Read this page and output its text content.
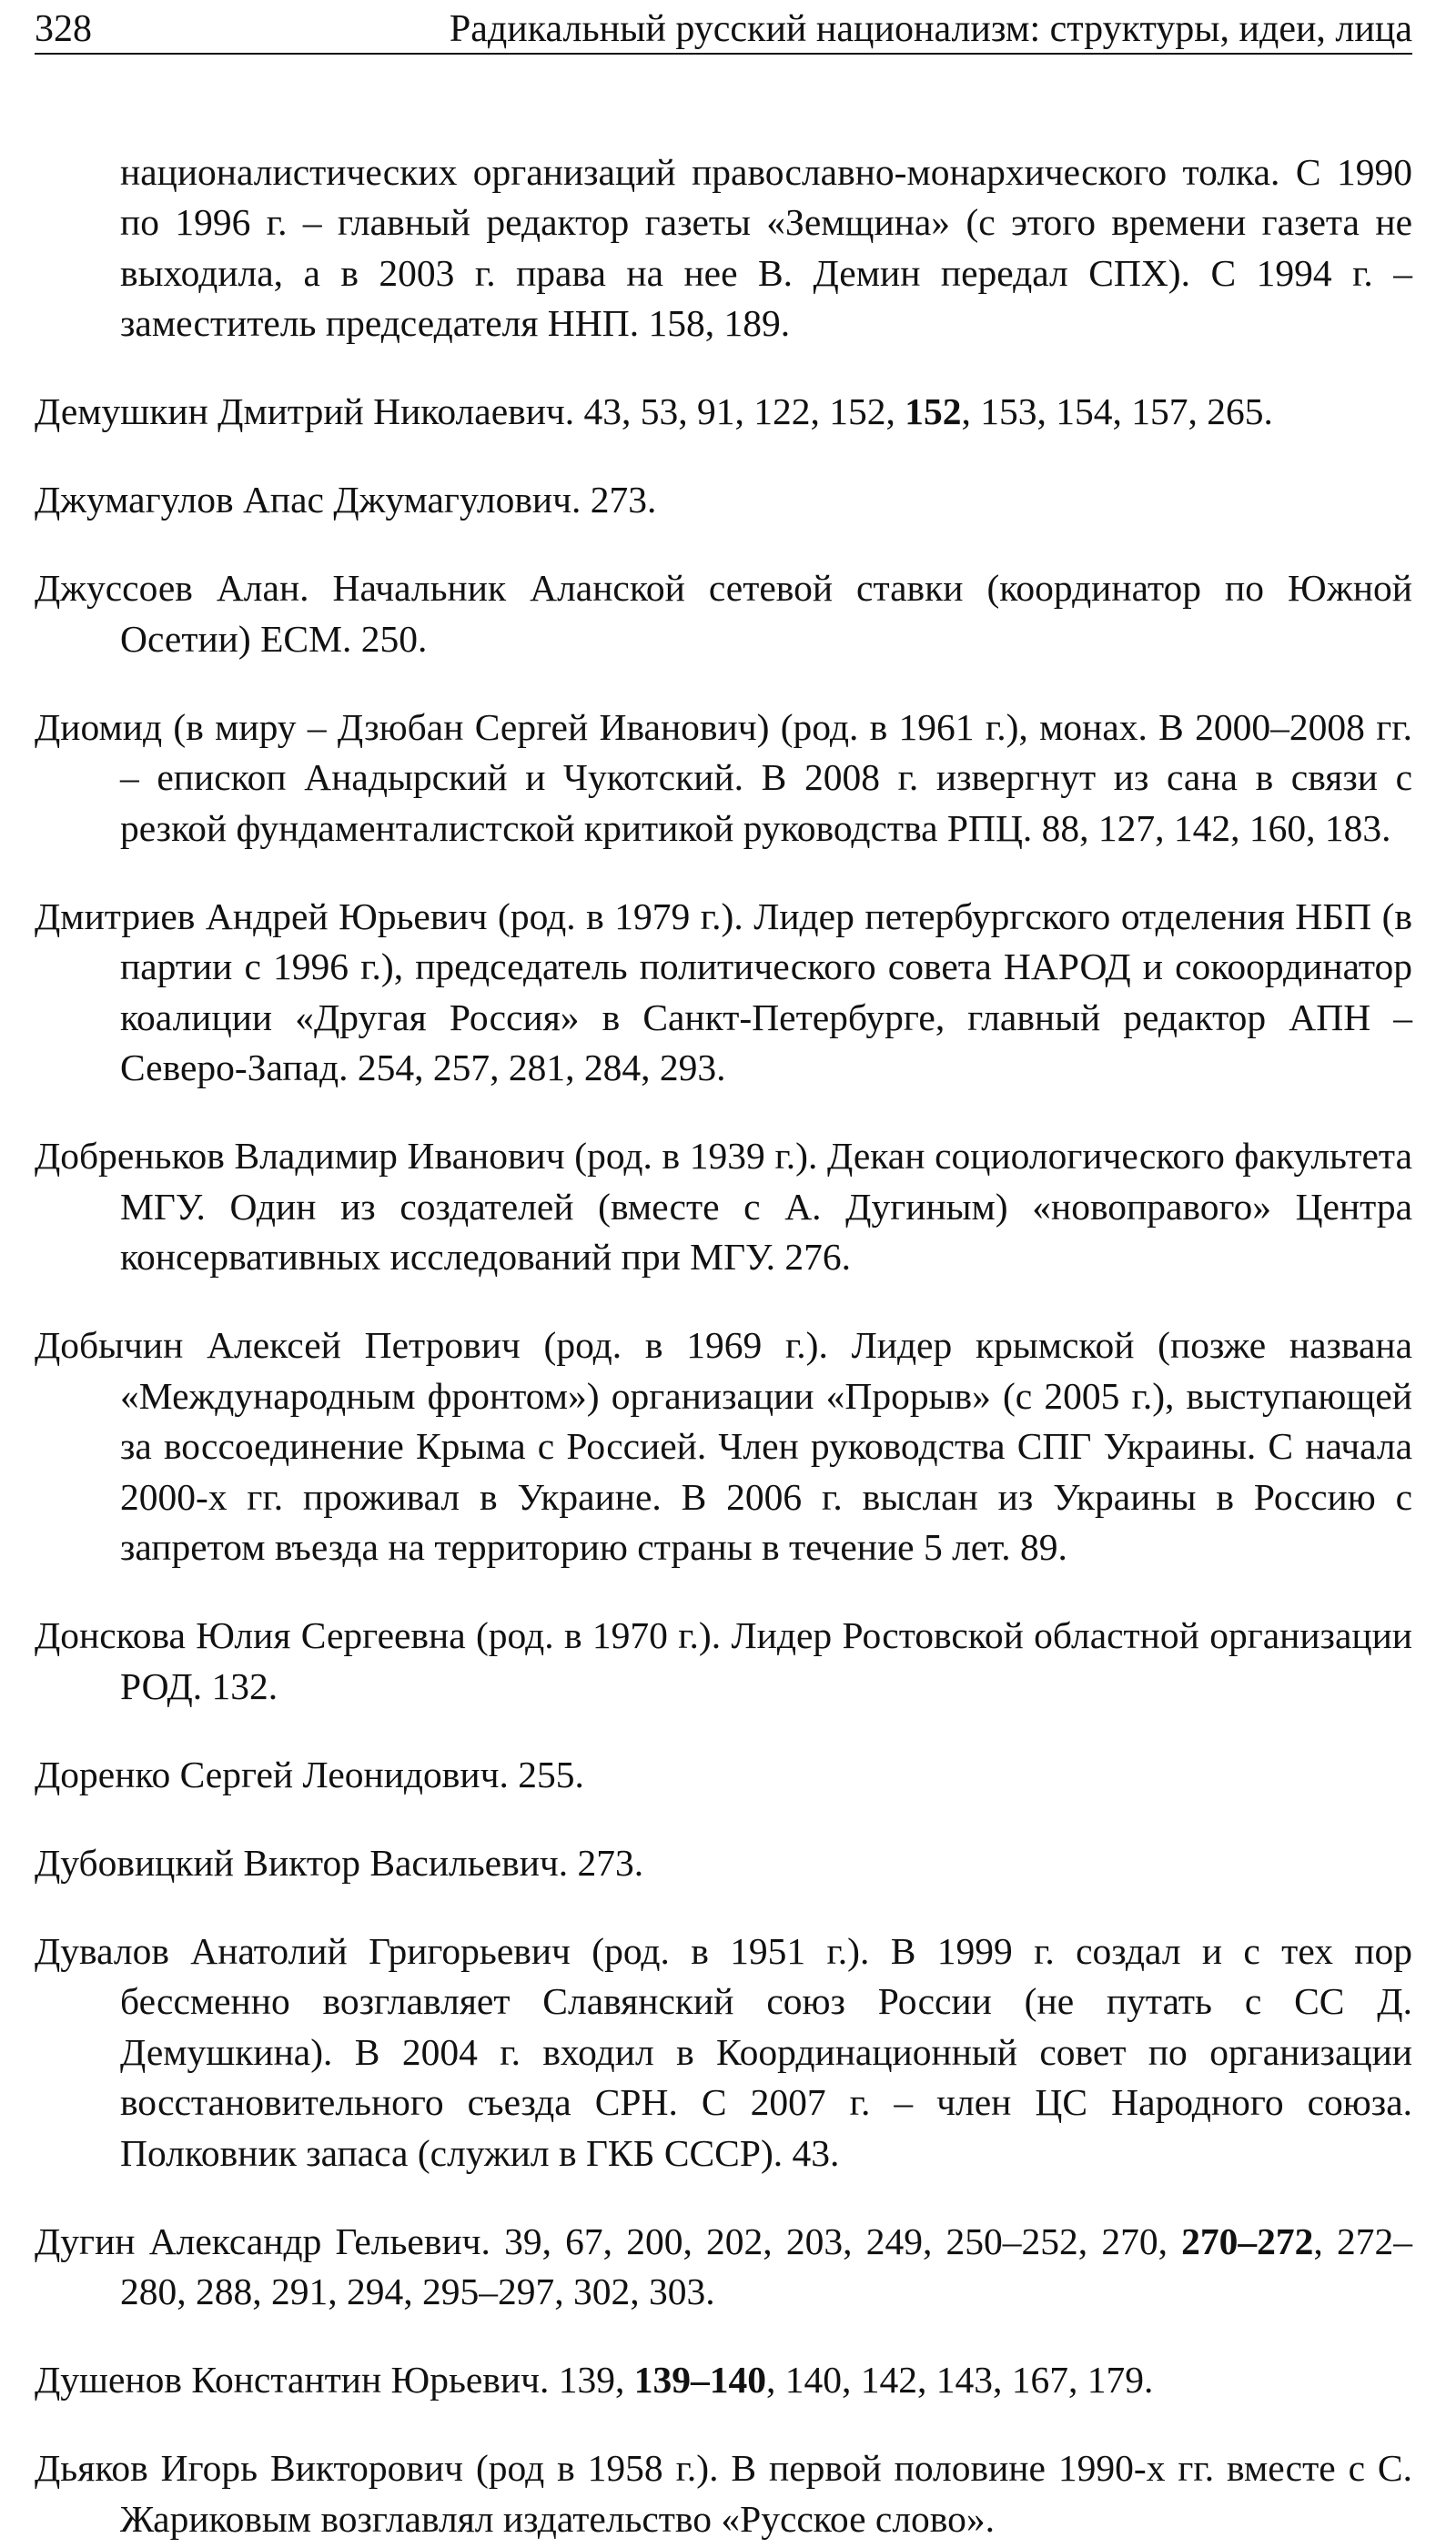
328	Радикальный русский национализм: структуры, идеи, лица

националистических организаций православно-монархического толка. С 1990 по 1996 г. – главный редактор газеты «Земщина» (с этого времени газета не выходила, а в 2003 г. права на нее В. Демин передал СПХ). С 1994 г. – заместитель председателя ННП. 158, 189.

Демушкин Дмитрий Николаевич. 43, 53, 91, 122, 152, 152, 153, 154, 157, 265.

Джумагулов Апас Джумагулович. 273.

Джуссоев Алан. Начальник Аланской сетевой ставки (координатор по Южной Осетии) ЕСМ. 250.

Диомид (в миру – Дзюбан Сергей Иванович) (род. в 1961 г.), монах. В 2000–2008 гг. – епископ Анадырский и Чукотский. В 2008 г. извергнут из сана в связи с резкой фундаменталистской критикой руководства РПЦ. 88, 127, 142, 160, 183.

Дмитриев Андрей Юрьевич (род. в 1979 г.). Лидер петербургского отделения НБП (в партии с 1996 г.), председатель политического совета НАРОД и сокоординатор коалиции «Другая Россия» в Санкт-Петербурге, главный редактор АПН – Северо-Запад. 254, 257, 281, 284, 293.

Добреньков Владимир Иванович (род. в 1939 г.). Декан социологического факультета МГУ. Один из создателей (вместе с А. Дугиным) «новоправого» Центра консервативных исследований при МГУ. 276.

Добычин Алексей Петрович (род. в 1969 г.). Лидер крымской (позже названа «Международным фронтом») организации «Прорыв» (с 2005 г.), выступающей за воссоединение Крыма с Россией. Член руководства СПГ Украины. С начала 2000-х гг. проживал в Украине. В 2006 г. выслан из Украины в Россию с запретом въезда на территорию страны в течение 5 лет. 89.

Донскова Юлия Сергеевна (род. в 1970 г.). Лидер Ростовской областной организации РОД. 132.

Доренко Сергей Леонидович. 255.

Дубовицкий Виктор Васильевич. 273.

Дувалов Анатолий Григорьевич (род. в 1951 г.). В 1999 г. создал и с тех пор бессменно возглавляет Славянский союз России (не путать с СС Д. Демушкина). В 2004 г. входил в Координационный совет по организации восстановительного съезда СРН. С 2007 г. – член ЦС Народного союза. Полковник запаса (служил в ГКБ СССР). 43.

Дугин Александр Гельевич. 39, 67, 200, 202, 203, 249, 250–252, 270, 270–272, 272–280, 288, 291, 294, 295–297, 302, 303.

Душенов Константин Юрьевич. 139, 139–140, 140, 142, 143, 167, 179.

Дьяков Игорь Викторович (род в 1958 г.). В первой половине 1990-х гг. вместе с С. Жариковым возглавлял издательство «Русское слово».
